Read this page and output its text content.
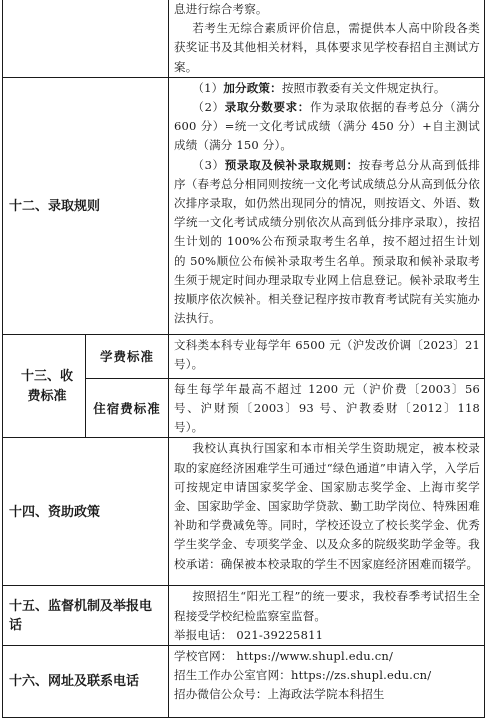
		息进行综合考察。

若考生无综合素质评价信息，需提供本人高中阶段各类获奖证书及其他相关材料，具体要求见学校春招自主测试方案。

十二、录取规则		（1）加分政策：按照市教委有关文件规定执行。

（2）录取分数要求：作为录取依据的春考总分（满分 600 分）=统一文化考试成绩（满分 450 分）+自主测试成绩（满分 150 分）。

（3）预录取及候补录取规则：按春考总分从高到低排序（春考总分相同则按统一文化考试成绩总分从高到低分依次排序录取，如仍然出现同分的情况，则按语文、外语、数学统一文化考试成绩分别依次从高到低分排序录取），按招生计划的 100%公布预录取考生名单，按不超过招生计划的 50%顺位公布候补录取考生名单。预录取和候补录取考生须于规定时间办理录取专业网上信息登记。候补录取考生按顺序依次候补。相关登记程序按市教育考试院有关实施办法执行。

十三、收费标准	学费标准	文科类本科专业每学年 6500 元（沪发改价调〔2023〕21 号）。
	住宿费标准	每生每学年最高不超过 1200 元（沪价费〔2003〕56 号、沪财预〔2003〕93 号、沪教委财〔2012〕118 号）。
十四、资助政策		我校认真执行国家和本市相关学生资助规定，被本校录取的家庭经济困难学生可通过“绿色通道”申请入学，入学后可按规定申请国家奖学金、国家励志奖学金、上海市奖学金、国家助学金、国家助学贷款、勤工助学岗位、特殊困难补助和学费减免等。同时，学校还设立了校长奖学金、优秀学生奖学金、专项奖学金、以及众多的院级奖助学金等。我校承诺：确保被本校录取的学生不因家庭经济困难而辍学。
十五、监督机制及举报电话		按照招生“阳光工程”的统一要求，我校春季考试招生全程接受学校纪检监察室监督。

举报电话： 021-39225811

十六、网址及联系电话		学校官网： https://www.shupl.edu.cn/

招生工作办公室官网：https://zs.shupl.edu.cn/

招办微信公众号：上海政法学院本科招生
